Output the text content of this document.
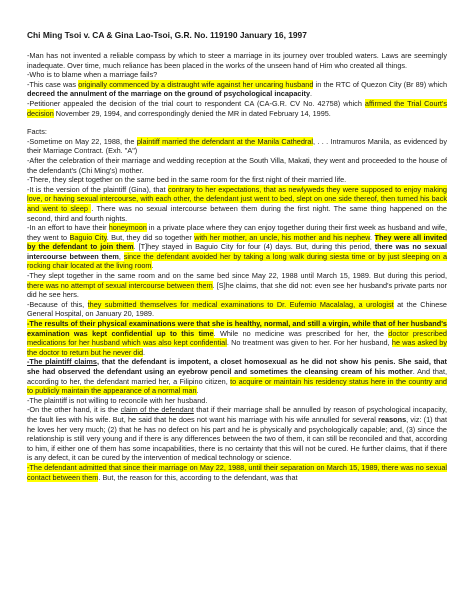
Chi Ming Tsoi v. CA & Gina Lao-Tsoi, G.R. No. 119190 January 16, 1997

-Man has not invented a reliable compass by which to steer a marriage in its journey over troubled waters. Laws are seemingly inadequate. Over time, much reliance has been placed in the works of the unseen hand of Him who created all things.

-Who is to blame when a marriage fails?

-This case was originally commenced by a distraught wife against her uncaring husband in the RTC of Quezon City (Br 89) which decreed the annulment of the marriage on the ground of psychological incapacity.

-Petitioner appealed the decision of the trial court to respondent CA (CA-G.R. CV No. 42758) which affirmed the Trial Court's decision November 29, 1994, and correspondingly denied the MR in dated February 14, 1995.

Facts:

-Sometime on May 22, 1988, the plaintiff married the defendant at the Manila Cathedral, . . . Intramuros Manila, as evidenced by their Marriage Contract. (Exh. "A")

-After the celebration of their marriage and wedding reception at the South Villa, Makati, they went and proceeded to the house of the defendant's (Chi Ming's) mother.

-There, they slept together on the same bed in the same room for the first night of their married life.

-It is the version of the plaintiff (Gina), that contrary to her expectations, that as newlyweds they were supposed to enjoy making love, or having sexual intercourse, with each other, the defendant just went to bed, slept on one side thereof, then turned his back and went to sleep . There was no sexual intercourse between them during the first night. The same thing happened on the second, third and fourth nights.

-In an effort to have their honeymoon in a private place where they can enjoy together during their first week as husband and wife, they went to Baguio City. But, they did so together with her mother, an uncle, his mother and his nephew. They were all invited by the defendant to join them. [T]hey stayed in Baguio City for four (4) days. But, during this period, there was no sexual intercourse between them, since the defendant avoided her by taking a long walk during siesta time or by just sleeping on a rocking chair located at the living room.

-They slept together in the same room and on the same bed since May 22, 1988 until March 15, 1989. But during this period, there was no attempt of sexual intercourse between them. [S]he claims, that she did not: even see her husband's private parts nor did he see hers.

-Because of this, they submitted themselves for medical examinations to Dr. Eufemio Macalalag, a urologist at the Chinese General Hospital, on January 20, 1989.

-The results of their physical examinations were that she is healthy, normal, and still a virgin, while that of her husband's examination was kept confidential up to this time. While no medicine was prescribed for her, the doctor prescribed medications for her husband which was also kept confidential. No treatment was given to her. For her husband, he was asked by the doctor to return but he never did.

-The plaintiff claims, that the defendant is impotent, a closet homosexual as he did not show his penis. She said, that she had observed the defendant using an eyebrow pencil and sometimes the cleansing cream of his mother. And that, according to her, the defendant married her, a Filipino citizen, to acquire or maintain his residency status here in the country and to publicly maintain the appearance of a normal man.

-The plaintiff is not willing to reconcile with her husband.

-On the other hand, it is the claim of the defendant that if their marriage shall be annulled by reason of psychological incapacity, the fault lies with his wife. But, he said that he does not want his marriage with his wife annulled for several reasons, viz: (1) that he loves her very much; (2) that he has no defect on his part and he is physically and psychologically capable; and, (3) since the relationship is still very young and if there is any differences between the two of them, it can still be reconciled and that, according to him, if either one of them has some incapabilities, there is no certainty that this will not be cured. He further claims, that if there is any defect, it can be cured by the intervention of medical technology or science.

-The defendant admitted that since their marriage on May 22, 1988, until their separation on March 15, 1989, there was no sexual contact between them. But, the reason for this, according to the defendant, was that
